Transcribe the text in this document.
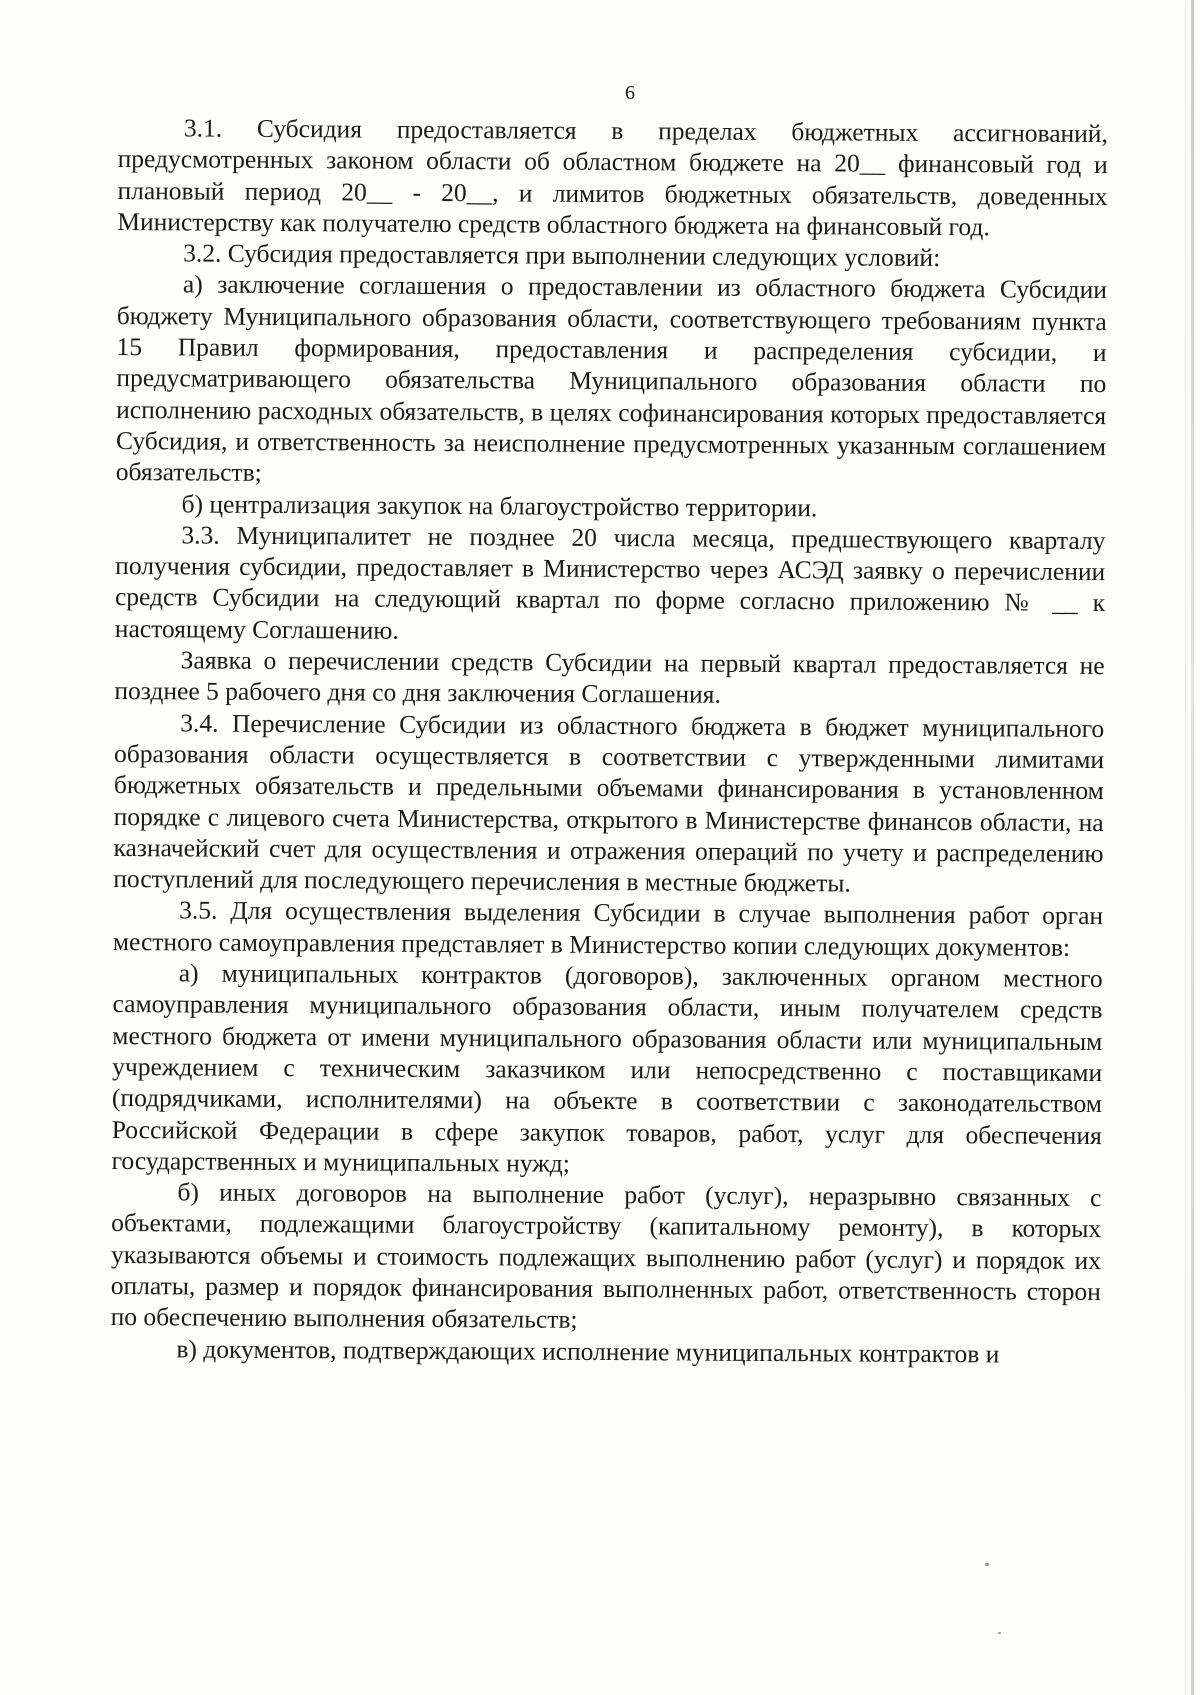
6

3.1. Субсидия предоставляется в пределах бюджетных ассигнований, предусмотренных законом области об областном бюджете на 20__ финансовый год и плановый период 20__ - 20__, и лимитов бюджетных обязательств, доведенных Министерству как получателю средств областного бюджета на финансовый год.

3.2. Субсидия предоставляется при выполнении следующих условий:

а) заключение соглашения о предоставлении из областного бюджета Субсидии бюджету Муниципального образования области, соответствующего требованиям пункта 15 Правил формирования, предоставления и распределения субсидии, и предусматривающего обязательства Муниципального образования области по исполнению расходных обязательств, в целях софинансирования которых предоставляется Субсидия, и ответственность за неисполнение предусмотренных указанным соглашением обязательств;

б) централизация закупок на благоустройство территории.

3.3. Муниципалитет не позднее 20 числа месяца, предшествующего кварталу получения субсидии, предоставляет в Министерство через АСЭД заявку о перечислении средств Субсидии на следующий квартал по форме согласно приложению № __ к настоящему Соглашению.

Заявка о перечислении средств Субсидии на первый квартал предоставляется не позднее 5 рабочего дня со дня заключения Соглашения.

3.4. Перечисление Субсидии из областного бюджета в бюджет муниципального образования области осуществляется в соответствии с утвержденными лимитами бюджетных обязательств и предельными объемами финансирования в установленном порядке с лицевого счета Министерства, открытого в Министерстве финансов области, на казначейский счет для осуществления и отражения операций по учету и распределению поступлений для последующего перечисления в местные бюджеты.

3.5. Для осуществления выделения Субсидии в случае выполнения работ орган местного самоуправления представляет в Министерство копии следующих документов:

а) муниципальных контрактов (договоров), заключенных органом местного самоуправления муниципального образования области, иным получателем средств местного бюджета от имени муниципального образования области или муниципальным учреждением с техническим заказчиком или непосредственно с поставщиками (подрядчиками, исполнителями) на объекте в соответствии с законодательством Российской Федерации в сфере закупок товаров, работ, услуг для обеспечения государственных и муниципальных нужд;

б) иных договоров на выполнение работ (услуг), неразрывно связанных с объектами, подлежащими благоустройству (капитальному ремонту), в которых указываются объемы и стоимость подлежащих выполнению работ (услуг) и порядок их оплаты, размер и порядок финансирования выполненных работ, ответственность сторон по обеспечению выполнения обязательств;

в) документов, подтверждающих исполнение муниципальных контрактов и
